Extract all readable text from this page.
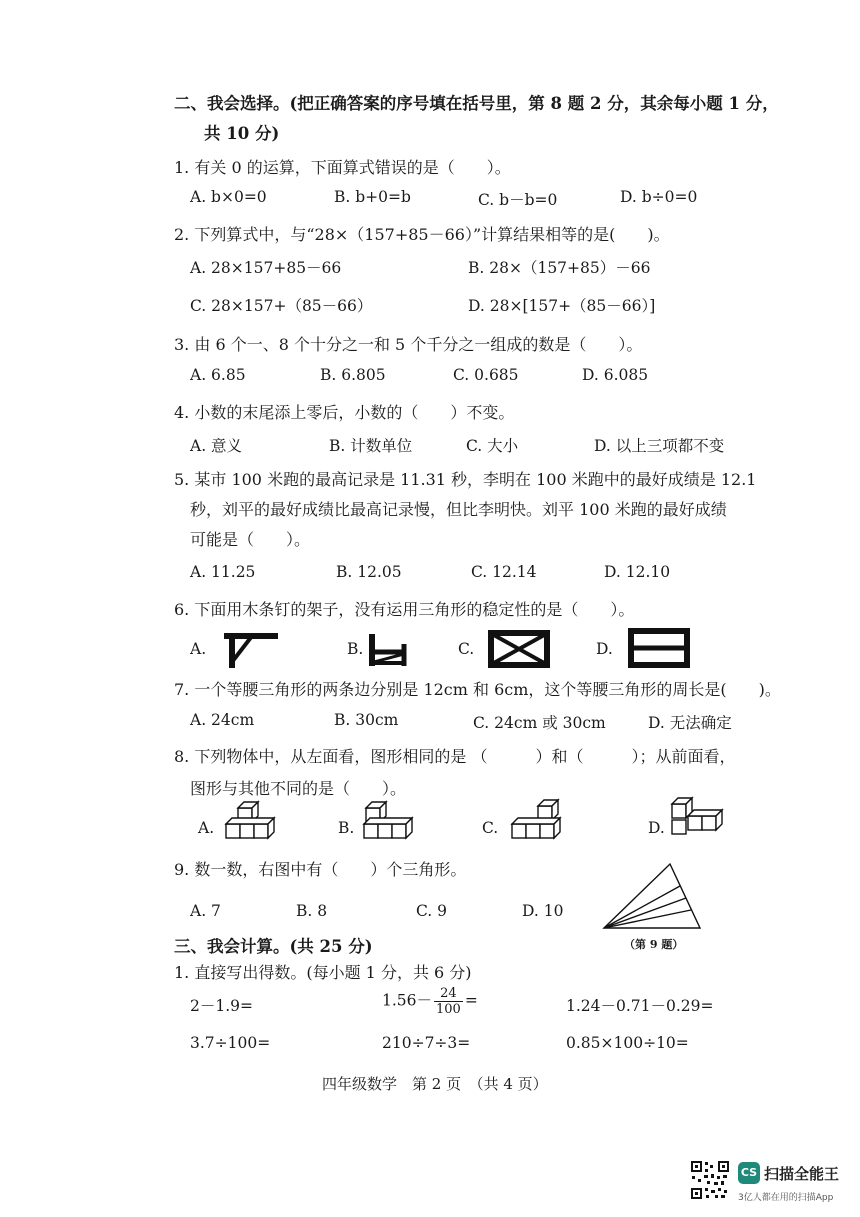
二、我会选择。(把正确答案的序号填在括号里，第 8 题 2 分，其余每小题 1 分，
共 10 分)
1. 有关 0 的运算，下面算式错误的是（　　）。
A. b×0=0	B. b+0=b	C. b－b=0	D. b÷0=0
2. 下列算式中，与“28×（157+85－66）”计算结果相等的是(　　)。
A. 28×157+85－66	B. 28×（157+85）－66
C. 28×157+（85－66）	D. 28×[157+（85－66）]
3. 由 6 个一、8 个十分之一和 5 个千分之一组成的数是（　　）。
A. 6.85	B. 6.805	C. 0.685	D. 6.085
4. 小数的末尾添上零后，小数的（　　）不变。
A. 意义	B. 计数单位	C. 大小	D. 以上三项都不变
5. 某市 100 米跑的最高记录是 11.31 秒，李明在 100 米跑中的最好成绩是 12.1
秒，刘平的最好成绩比最高记录慢，但比李明快。刘平 100 米跑的最好成绩
可能是（　　）。
A. 11.25	B. 12.05	C. 12.14	D. 12.10
6. 下面用木条钉的架子，没有运用三角形的稳定性的是（　　）。
A.	B.	C.	D.
7. 一个等腰三角形的两条边分别是 12cm 和 6cm，这个等腰三角形的周长是(　　)。
A. 24cm	B. 30cm	C. 24cm 或 30cm	D. 无法确定
8. 下列物体中，从左面看，图形相同的是 （　　　）和（　　　）；从前面看，
图形与其他不同的是（　　）。
A.	B.	C.	D.
9. 数一数，右图中有（　　）个三角形。
A. 7	B. 8	C. 9	D. 10
（第 9 题）
三、我会计算。(共 25 分)
1. 直接写出得数。(每小题 1 分，共 6 分)
2－1.9=	$1.56- \frac{24}{100}$ =	1.24－0.71－0.29=
3.7÷100=	210÷7÷3=	0.85×100÷10=
四年级数学　第 2 页　（共 4 页）
CS 扫描全能王
3亿人都在用的扫描App
